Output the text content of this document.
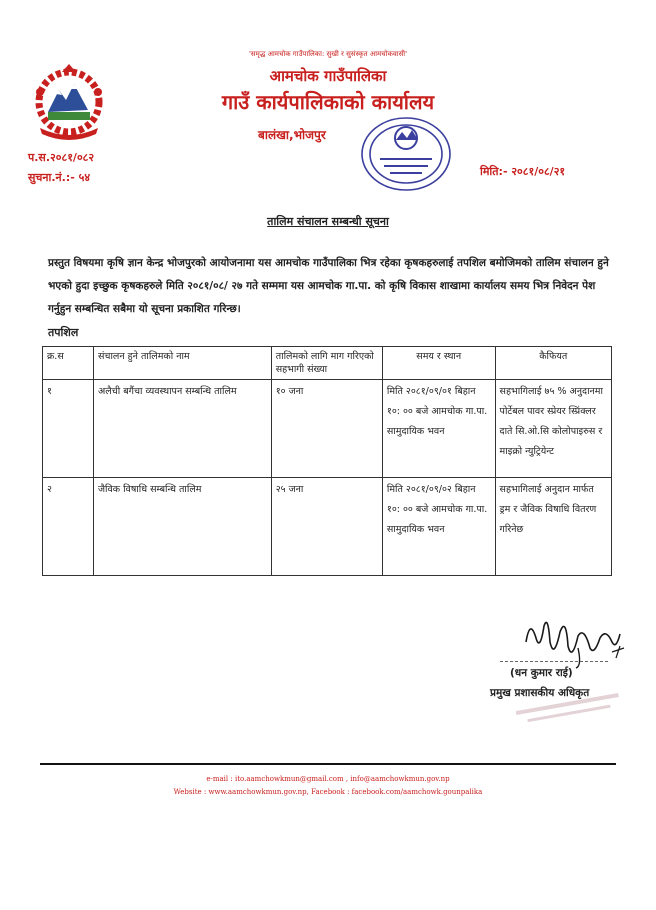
'समृद्ध आमचोक गाउँपालिका: सुखी र सुसंस्कृत आमचोकवासी'
आमचोक गाउँपालिका
गाउँ कार्यपालिकाको कार्यालय
बालंखा,भोजपुर
प.स.२०८१/०८२
सुचना.नं.:- ५४	मिति:- २०८१/०८/२१
तालिम संचालन सम्बन्धी सूचना
प्रस्तुत विषयमा कृषि ज्ञान केन्द्र भोजपुरको आयोजनामा यस आमचोक गाउँपालिका भित्र रहेका कृषकहरुलाई तपशिल बमोजिमको तालिम संचालन हुने भएको हुदा इच्छुक कृषकहरुले मिति २०८१/०८/ २७ गते सम्ममा यस आमचोक गा.पा. को कृषि विकास शाखामा कार्यालय समय भित्र निवेदन पेश गर्नुहुन सम्बन्धित सबैमा यो सूचना प्रकाशित गरिन्छ।
तपशिल
क्र.स	संचालन हुने तालिमको नाम	तालिमको लागि माग गरिएको सहभागी संख्या	समय र स्थान	कैफियत
१	अलैची बगैंचा व्यवस्थापन सम्बन्धि तालिम	१० जना	मिति २०८१/०९/०१ बिहान १०: ०० बजे आमचोक गा.पा. सामुदायिक भवन	सहभागिलाई ७५ % अनुदानमा पोर्टेबल पावर स्प्रेयर स्प्रिंक्लर दाते सि.ओ.सि कोलोपाइरुस र माइक्रो न्युट्रियेन्ट
२	जैविक विषाधि सम्बन्धि तालिम	२५ जना	मिति २०८१/०९/०२ बिहान १०: ०० बजे आमचोक गा.पा. सामुदायिक भवन	सहभागिलाई अनुदान मार्फत ड्रम र जैविक विषाधि वितरण गरिनेछ
(धन कुमार राई)
प्रमुख प्रशासकीय अधिकृत
e-mail : ito.aamchowkmun@gmail.com , info@aamchowkmun.gov.np
Website : www.aamchowkmun.gov.np, Facebook : facebook.com/aamchowk.gounpalika
